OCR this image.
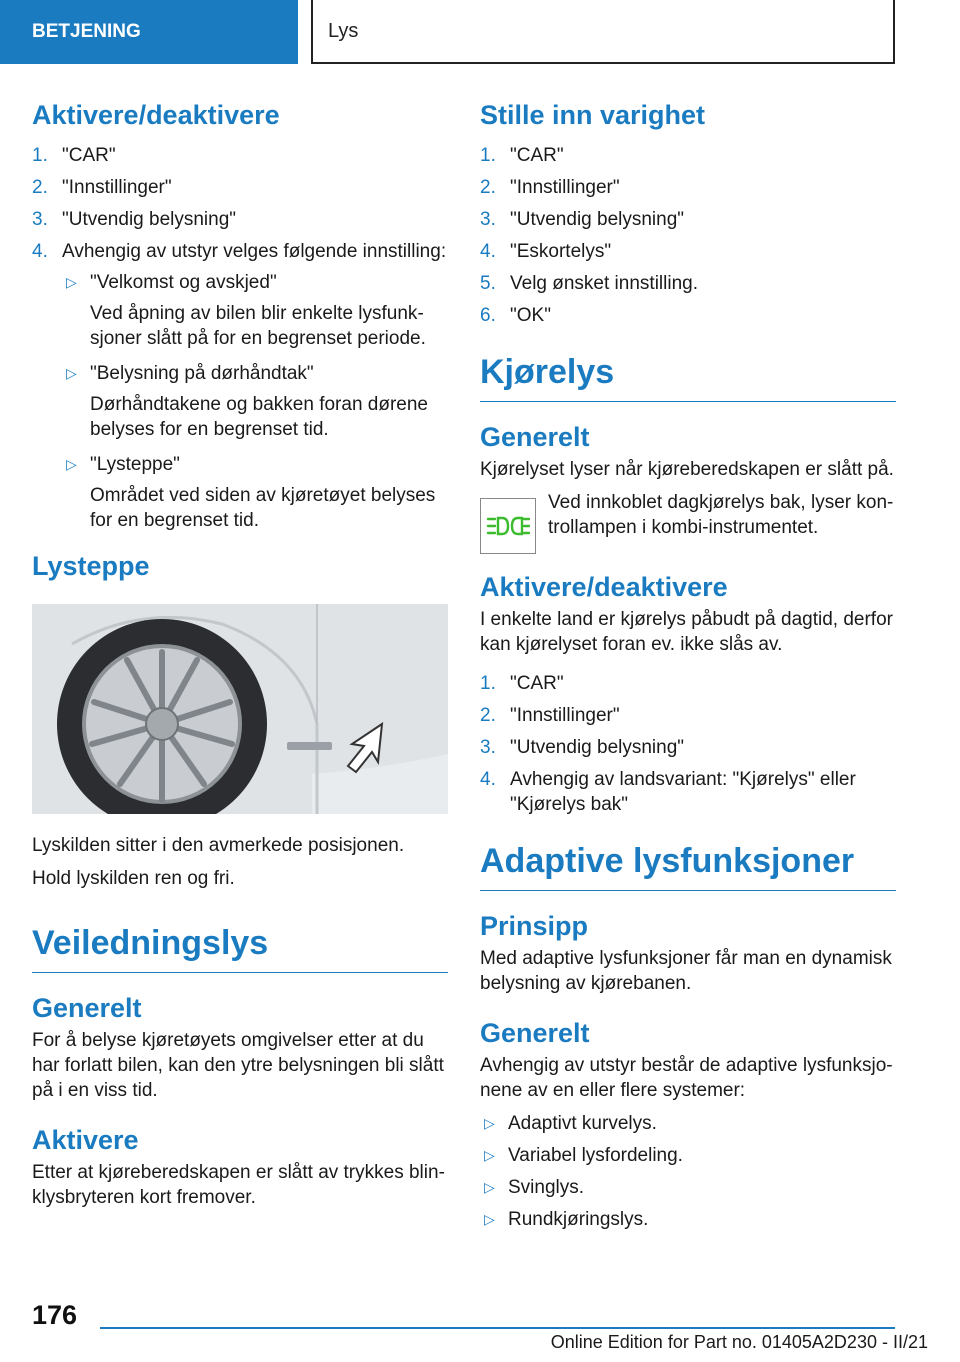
BETJENING	Lys
Aktivere/deaktivere
1. "CAR"
2. "Innstillinger"
3. "Utvendig belysning"
4. Avhengig av utstyr velges følgende innstilling:
▷ "Velkomst og avskjed"
Ved åpning av bilen blir enkelte lysfunksjoner slått på for en begrenset periode.
▷ "Belysning på dørhåndtak"
Dørhåndtakene og bakken foran dørene belyses for en begrenset tid.
▷ "Lysteppe"
Området ved siden av kjøretøyet belyses for en begrenset tid.
Lysteppe
Lyskilden sitter i den avmerkede posisjonen.
Hold lyskilden ren og fri.
Veiledningslys
Generelt
For å belyse kjøretøyets omgivelser etter at du har forlatt bilen, kan den ytre belysningen bli slått på i en viss tid.
Aktivere
Etter at kjøreberedskapen er slått av trykkes blinklysbryteren kort fremover.
Stille inn varighet
1. "CAR"
2. "Innstillinger"
3. "Utvendig belysning"
4. "Eskortelys"
5. Velg ønsket innstilling.
6. "OK"
Kjørelys
Generelt
Kjørelyset lyser når kjøreberedskapen er slått på.
Ved innkoblet dagkjørelys bak, lyser kontrollampen i kombi-instrumentet.
Aktivere/deaktivere
I enkelte land er kjørelys påbudt på dagtid, derfor kan kjørelyset foran ev. ikke slås av.
1. "CAR"
2. "Innstillinger"
3. "Utvendig belysning"
4. Avhengig av landsvariant: "Kjørelys" eller "Kjørelys bak"
Adaptive lysfunksjoner
Prinsipp
Med adaptive lysfunksjoner får man en dynamisk belysning av kjørebanen.
Generelt
Avhengig av utstyr består de adaptive lysfunksjonene av en eller flere systemer:
▷ Adaptivt kurvelys.
▷ Variabel lysfordeling.
▷ Svinglys.
▷ Rundkjøringslys.
176
Online Edition for Part no. 01405A2D230 - II/21
